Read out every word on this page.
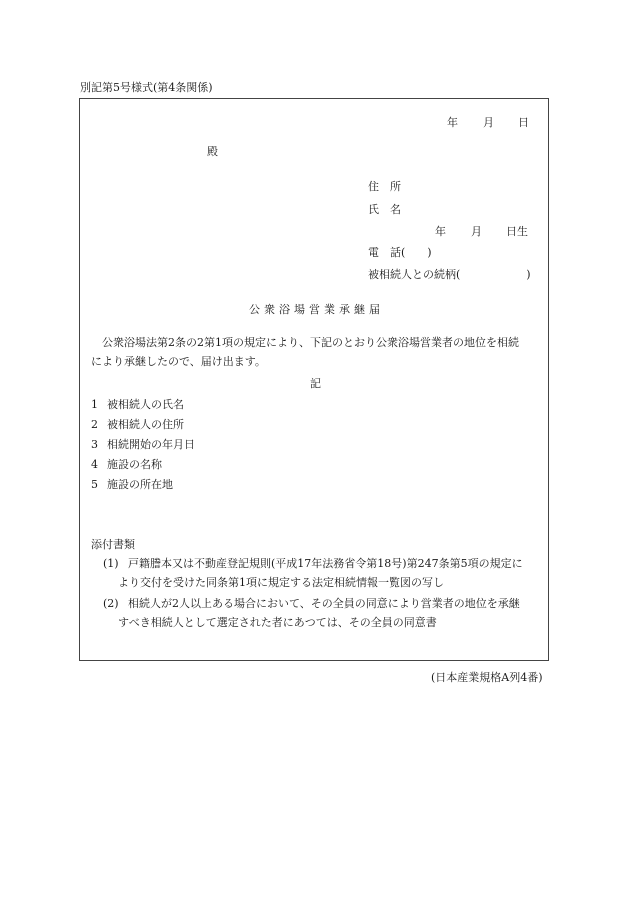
別記第5号様式(第4条関係)
年 月 日
殿
住　所
氏　名
年 月 日生
電　話(　　)
被相続人との続柄(　　　　　　)
公衆浴場営業承継届
公衆浴場法第2条の2第1項の規定により、下記のとおり公衆浴場営業者の地位を相続
により承継したので、届け出ます。
記
1 被相続人の氏名
2 被相続人の住所
3 相続開始の年月日
4 施設の名称
5 施設の所在地
添付書類
(1) 戸籍謄本又は不動産登記規則(平成17年法務省令第18号)第247条第5項の規定に
より交付を受けた同条第1項に規定する法定相続情報一覧図の写し
(2) 相続人が2人以上ある場合において、その全員の同意により営業者の地位を承継
すべき相続人として選定された者にあつては、その全員の同意書
(日本産業規格A列4番)
